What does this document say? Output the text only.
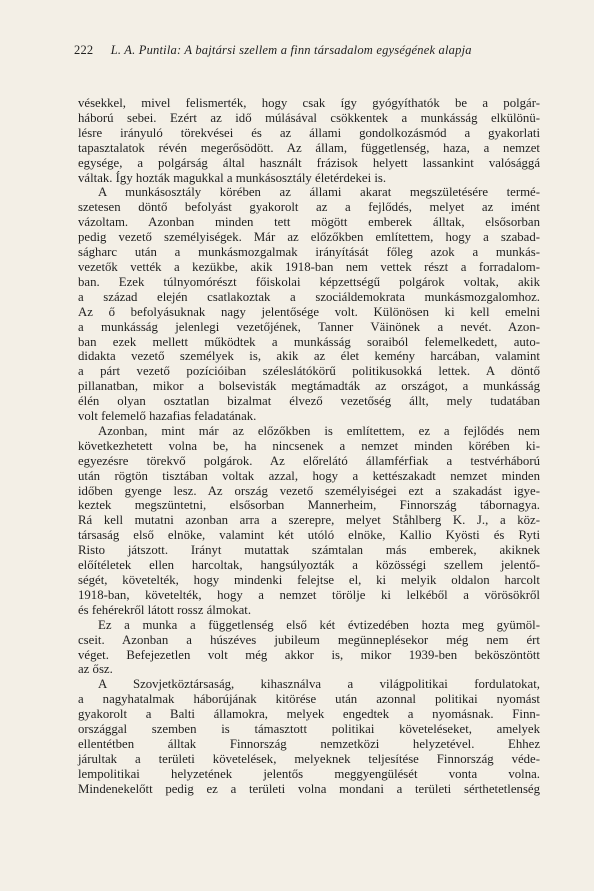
222 L. A. Puntila: A bajtársi szellem a finn társadalom egységének alapja

vésekkel, mivel felismerték, hogy csak így gyógyíthatók be a polgár-

háború sebei. Ezért az idő múlásával csökkentek a munkásság elkülönü-

lésre irányuló törekvései és az állami gondolkozásmód a gyakorlati

tapasztalatok révén megerősödött. Az állam, függetlenség, haza, a nemzet

egysége, a polgárság által használt frázisok helyett lassankint valósággá

váltak. Így hozták magukkal a munkásosztály életérdekei is.

A munkásosztály körében az állami akarat megszületésére termé-

szetesen döntő befolyást gyakorolt az a fejlődés, melyet az imént

vázoltam. Azonban minden tett mögött emberek álltak, elsősorban

pedig vezető személyiségek. Már az előzőkben említettem, hogy a szabad-

ságharc után a munkásmozgalmak irányítását főleg azok a munkás-

vezetők vették a kezükbe, akik 1918-ban nem vettek részt a forradalom-

ban. Ezek túlnyomórészt főiskolai képzettségű polgárok voltak, akik

a század elején csatlakoztak a szociáldemokrata munkásmozgalomhoz.

Az ő befolyásuknak nagy jelentősége volt. Különösen ki kell emelni

a munkásság jelenlegi vezetőjének, Tanner Väinönek a nevét. Azon-

ban ezek mellett működtek a munkásság soraiból felemelkedett, auto-

didakta vezető személyek is, akik az élet kemény harcában, valamint

a párt vezető pozícióiban széleslátókörű politikusokká lettek. A döntő

pillanatban, mikor a bolsevisták megtámadták az országot, a munkásság

élén olyan osztatlan bizalmat élvező vezetőség állt, mely tudatában

volt felemelő hazafias feladatának.

Azonban, mint már az előzőkben is említettem, ez a fejlődés nem

következhetett volna be, ha nincsenek a nemzet minden körében ki-

egyezésre törekvő polgárok. Az előrelátó államférfiak a testvérháború

után rögtön tisztában voltak azzal, hogy a kettészakadt nemzet minden

időben gyenge lesz. Az ország vezető személyiségei ezt a szakadást igye-

keztek megszüntetni, elsősorban Mannerheim, Finnország tábornagya.

Rá kell mutatni azonban arra a szerepre, melyet Ståhlberg K. J., a köz-

társaság első elnöke, valamint két utóló elnöke, Kallio Kyösti és Ryti

Risto játszott. Irányt mutattak számtalan más emberek, akiknek

előítéletek ellen harcoltak, hangsúlyozták a közösségi szellem jelentő-

ségét, követelték, hogy mindenki felejtse el, ki melyik oldalon harcolt

1918-ban, követelték, hogy a nemzet törölje ki lelkéből a vörösökről

és fehérekről látott rossz álmokat.

Ez a munka a függetlenség első két évtizedében hozta meg gyümöl-

cseit. Azonban a húszéves jubileum megünneplésekor még nem ért

véget. Befejezetlen volt még akkor is, mikor 1939-ben beköszöntött

az ősz.

A Szovjetköztársaság, kihasználva a világpolitikai fordulatokat,

a nagyhatalmak háborújának kitörése után azonnal politikai nyomást

gyakorolt a Balti államokra, melyek engedtek a nyomásnak. Finn-

országgal szemben is támasztott politikai követeléseket, amelyek

ellentétben álltak Finnország nemzetközi helyzetével. Ehhez

járultak a területi követelések, melyeknek teljesítése Finnország véde-

lempolitikai helyzetének jelentős meggyengülését vonta volna.

Mindenekelőtt pedig ez a területi volna mondani a területi sérthetetlenség
